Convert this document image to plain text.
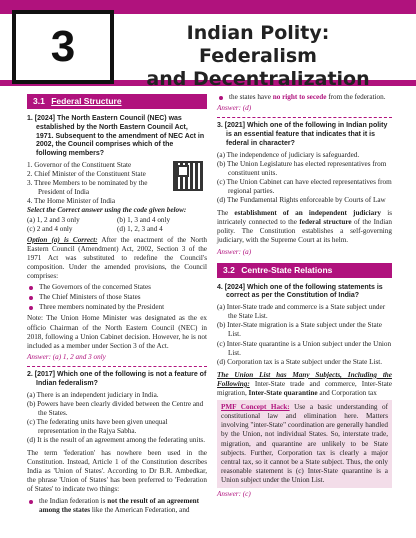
3	Indian Polity: Federalism
and Decentralization
3.1 Federal Structure
1. [2024] The North Eastern Council (NEC) was established by the North Eastern Council Act, 1971. Subsequent to the amendment of NEC Act in 2002, the Council comprises which of the following members?
1. Governor of the Constituent State
2. Chief Minister of the Constituent State
3. Three Members to be nominated by the President of India
4. The Home Minister of India
Select the Correct answer using the code given below:
(a) 1, 2 and 3 only	(b) 1, 3 and 4 only
(c) 2 and 4 only	(d) 1, 2, 3 and 4

Option (a) is Correct: After the enactment of the North Eastern Council (Amendment) Act, 2002, Section 3 of the 1971 Act was substituted to redefine the Council's composition. Under the amended provisions, the Council comprises:

The Governors of the concerned States
The Chief Ministers of those States
Three members nominated by the President

Note: The Union Home Minister was designated as the ex officio Chairman of the North Eastern Council (NEC) in 2018, following a Union Cabinet decision. However, he is not included as a member under Section 3 of the Act.

Answer: (a) 1, 2 and 3 only
2. [2017] Which one of the following is not a feature of Indian federalism?
(a) There is an independent judiciary in India.
(b) Powers have been clearly divided between the Centre and the States.
(c) The federating units have been given unequal representation in the Rajya Sabha.
(d) It is the result of an agreement among the federating units.

The term 'federation' has nowhere been used in the Constitution. Instead, Article 1 of the Constitution describes India as 'Union of States'. According to Dr B.R. Ambedkar, the phrase 'Union of States' has been preferred to 'Federation of States' to indicate two things:

the Indian federation is not the result of an agreement among the states like the American Federation, and
the states have no right to secede from the federation.
Answer: (d)
3. [2021] Which one of the following in Indian polity is an essential feature that indicates that it is federal in character?
(a) The independence of judiciary is safeguarded.
(b) The Union Legislature has elected representatives from constituent units.
(c) The Union Cabinet can have elected representatives from regional parties.
(d) The Fundamental Rights enforceable by Courts of Law

The establishment of an independent judiciary is intricately connected to the federal structure of the Indian polity. The Constitution establishes a self-governing judiciary, with the Supreme Court at its helm.

Answer: (a)
3.2 Centre-State Relations
4. [2024] Which one of the following statements is correct as per the Constitution of India?
(a) Inter-State trade and commerce is a State subject under the State List.
(b) Inter-State migration is a State subject under the State List.
(c) Inter-State quarantine is a Union subject under the Union List.
(d) Corporation tax is a State subject under the State List.

The Union List has Many Subjects, Including the Following: Inter-State trade and commerce, Inter-State migration, Inter-State quarantine and Corporation tax

PMF Concept Hack: Use a basic understanding of constitutional law and elimination here. Matters involving "inter-State" coordination are generally handled by the Union, not individual States. So, interstate trade, migration, and quarantine are unlikely to be State subjects. Further, Corporation tax is clearly a major central tax, so it cannot be a State subject. Thus, the only reasonable statement is (c) Inter-State quarantine is a Union subject under the Union List.
Answer: (c)
